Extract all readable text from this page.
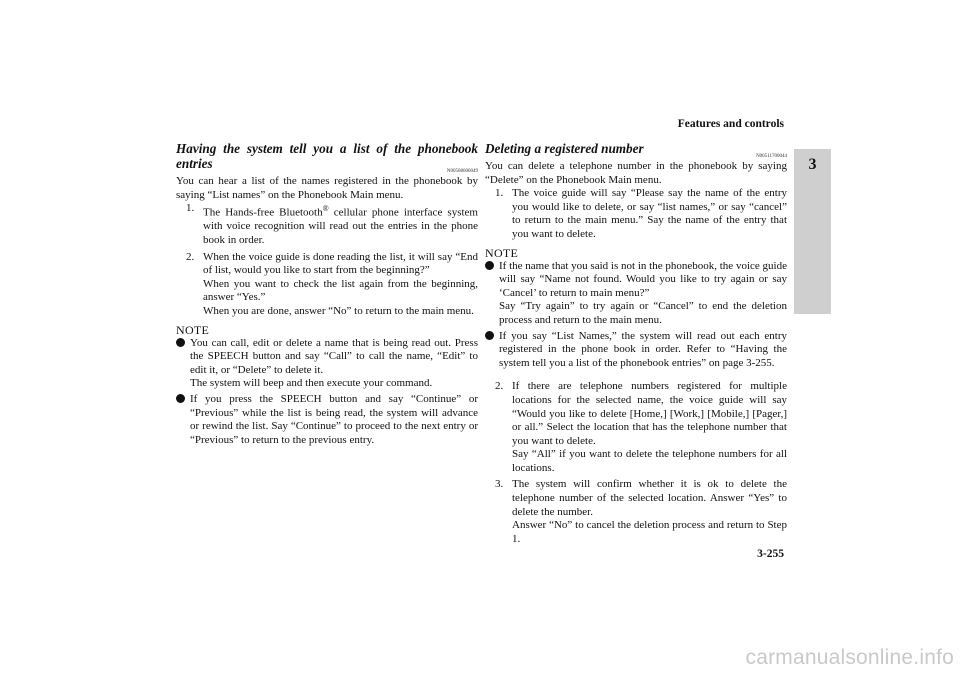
Features and controls
3
Having the system tell you a list of the phonebook entries
N00508600049

You can hear a list of the names registered in the phonebook by saying “List names” on the Phonebook Main menu.

1. The Hands-free Bluetooth® cellular phone interface system with voice recognition will read out the entries in the phone book in order.
2. When the voice guide is done reading the list, it will say “End of list, would you like to start from the beginning?”
When you want to check the list again from the beginning, answer “Yes.”
When you are done, answer “No” to return to the main menu.
NOTE
You can call, edit or delete a name that is being read out. Press the SPEECH button and say “Call” to call the name, “Edit” to edit it, or “Delete” to delete it.
The system will beep and then execute your command.
If you press the SPEECH button and say “Continue” or “Previous” while the list is being read, the system will advance or rewind the list. Say “Continue” to proceed to the next entry or “Previous” to return to the previous entry.
Deleting a registered number
N00511700044

You can delete a telephone number in the phonebook by saying “Delete” on the Phonebook Main menu.

1. The voice guide will say “Please say the name of the entry you would like to delete, or say “list names,” or say “cancel” to return to the main menu.” Say the name of the entry that you want to delete.
NOTE
If the name that you said is not in the phonebook, the voice guide will say “Name not found. Would you like to try again or say ‘Cancel’ to return to main menu?”
Say “Try again” to try again or “Cancel” to end the deletion process and return to the main menu.
If you say “List Names,” the system will read out each entry registered in the phone book in order. Refer to “Having the system tell you a list of the phonebook entries” on page 3-255.
2. If there are telephone numbers registered for multiple locations for the selected name, the voice guide will say “Would you like to delete [Home,] [Work,] [Mobile,] [Pager,] or all.” Select the location that has the telephone number that you want to delete.
Say “All” if you want to delete the telephone numbers for all locations.
3. The system will confirm whether it is ok to delete the telephone number of the selected location. Answer “Yes” to delete the number.
Answer “No” to cancel the deletion process and return to Step 1.
3-255
carmanualsonline.info
